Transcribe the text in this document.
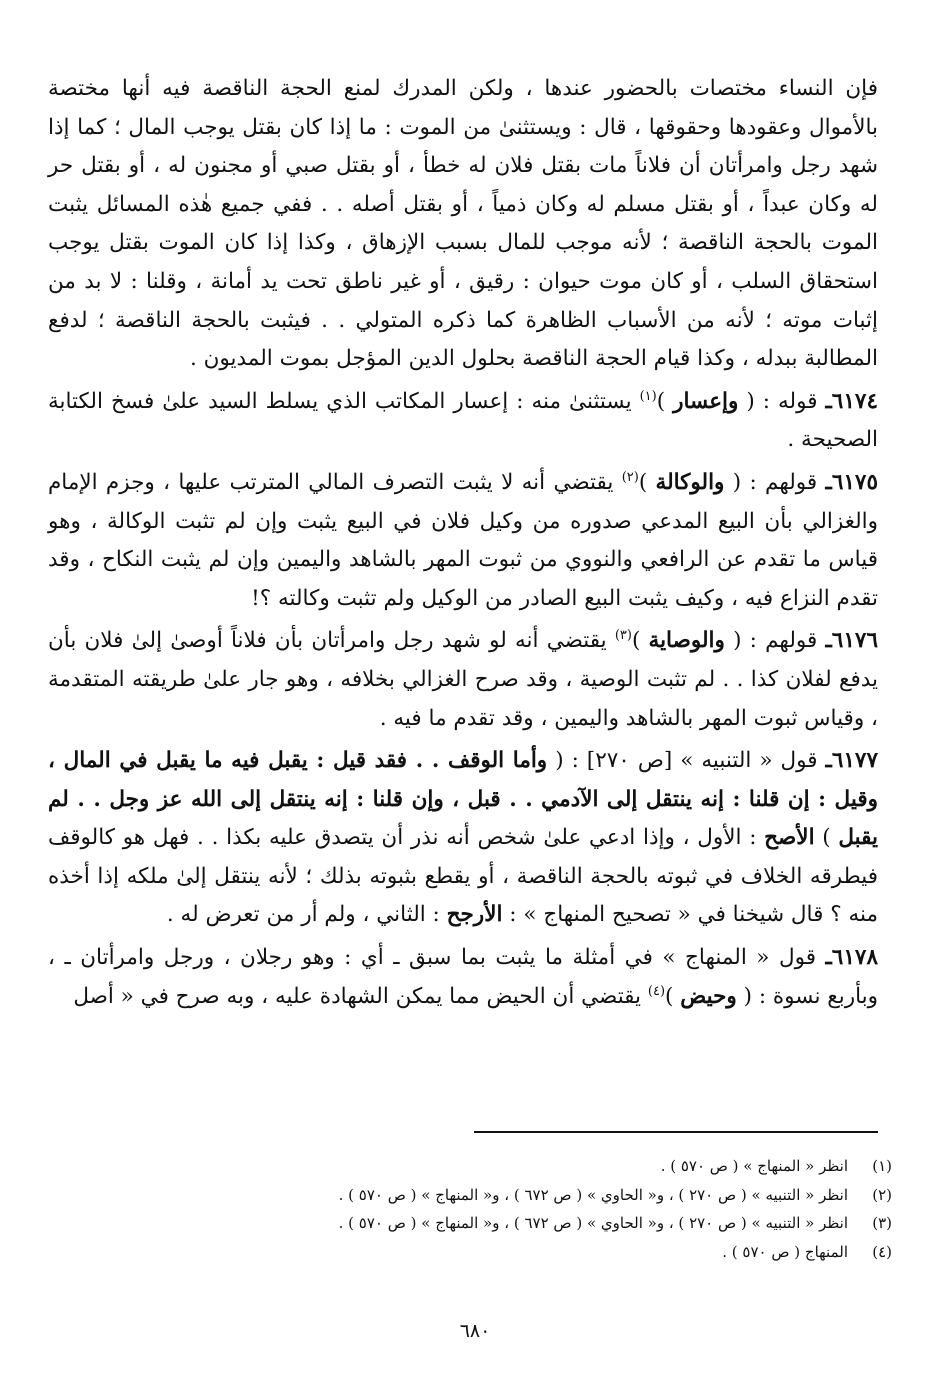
فإن النساء مختصات بالحضور عندها ، ولكن المدرك لمنع الحجة الناقصة فيه أنها مختصة بالأموال وعقودها وحقوقها ، قال : ويستثنىٰ من الموت : ما إذا كان بقتل يوجب المال ؛ كما إذا شهد رجل وامرأتان أن فلاناً مات بقتل فلان له خطأ ، أو بقتل صبي أو مجنون له ، أو بقتل حر له وكان عبداً ، أو بقتل مسلم له وكان ذمياً ، أو بقتل أصله . . ففي جميع هٰذه المسائل يثبت الموت بالحجة الناقصة ؛ لأنه موجب للمال بسبب الإزهاق ، وكذا إذا كان الموت بقتل يوجب استحقاق السلب ، أو كان موت حيوان : رقيق ، أو غير ناطق تحت يد أمانة ، وقلنا : لا بد من إثبات موته ؛ لأنه من الأسباب الظاهرة كما ذكره المتولي . . فيثبت بالحجة الناقصة ؛ لدفع المطالبة ببدله ، وكذا قيام الحجة الناقصة بحلول الدين المؤجل بموت المديون .

٦١٧٤ـ قوله : ( وإعسار )$^{(١)}$ يستثنىٰ منه : إعسار المكاتب الذي يسلط السيد علىٰ فسخ الكتابة الصحيحة .

٦١٧٥ـ قولهم : ( والوكالة )$^{(٢)}$ يقتضي أنه لا يثبت التصرف المالي المترتب عليها ، وجزم الإمام والغزالي بأن البيع المدعي صدوره من وكيل فلان في البيع يثبت وإن لم تثبت الوكالة ، وهو قياس ما تقدم عن الرافعي والنووي من ثبوت المهر بالشاهد واليمين وإن لم يثبت النكاح ، وقد تقدم النزاع فيه ، وكيف يثبت البيع الصادر من الوكيل ولم تثبت وكالته ؟!

٦١٧٦ـ قولهم : ( والوصاية )$^{(٣)}$ يقتضي أنه لو شهد رجل وامرأتان بأن فلاناً أوصىٰ إلىٰ فلان بأن يدفع لفلان كذا . . لم تثبت الوصية ، وقد صرح الغزالي بخلافه ، وهو جار علىٰ طريقته المتقدمة ، وقياس ثبوت المهر بالشاهد واليمين ، وقد تقدم ما فيه .

٦١٧٧ـ قول « التنبيه » [ص ٢٧٠] : ( وأما الوقف . . فقد قيل : يقبل فيه ما يقبل في المال ، وقيل : إن قلنا : إنه ينتقل إلى الآدمي . . قبل ، وإن قلنا : إنه ينتقل إلى الله عز وجل . . لم يقبل ) الأصح : الأول ، وإذا ادعي علىٰ شخص أنه نذر أن يتصدق عليه بكذا . . فهل هو كالوقف فيطرقه الخلاف في ثبوته بالحجة الناقصة ، أو يقطع بثبوته بذلك ؛ لأنه ينتقل إلىٰ ملكه إذا أخذه منه ؟ قال شيخنا في « تصحيح المنهاج » : الأرجح : الثاني ، ولم أر من تعرض له .

٦١٧٨ـ قول « المنهاج » في أمثلة ما يثبت بما سبق ـ أي : وهو رجلان ، ورجل وامرأتان ـ ، وبأربع نسوة : ( وحيض )$^{(٤)}$ يقتضي أن الحيض مما يمكن الشهادة عليه ، وبه صرح في « أصل

(١)
انظر « المنهاج » ( ص ٥٧٠ ) .
(٢)
انظر « التنبيه » ( ص ٢٧٠ ) ، و« الحاوي » ( ص ٦٧٢ ) ، و« المنهاج » ( ص ٥٧٠ ) .
(٣)
انظر « التنبيه » ( ص ٢٧٠ ) ، و« الحاوي » ( ص ٦٧٢ ) ، و« المنهاج » ( ص ٥٧٠ ) .
(٤)
المنهاج ( ص ٥٧٠ ) .
٦٨٠
